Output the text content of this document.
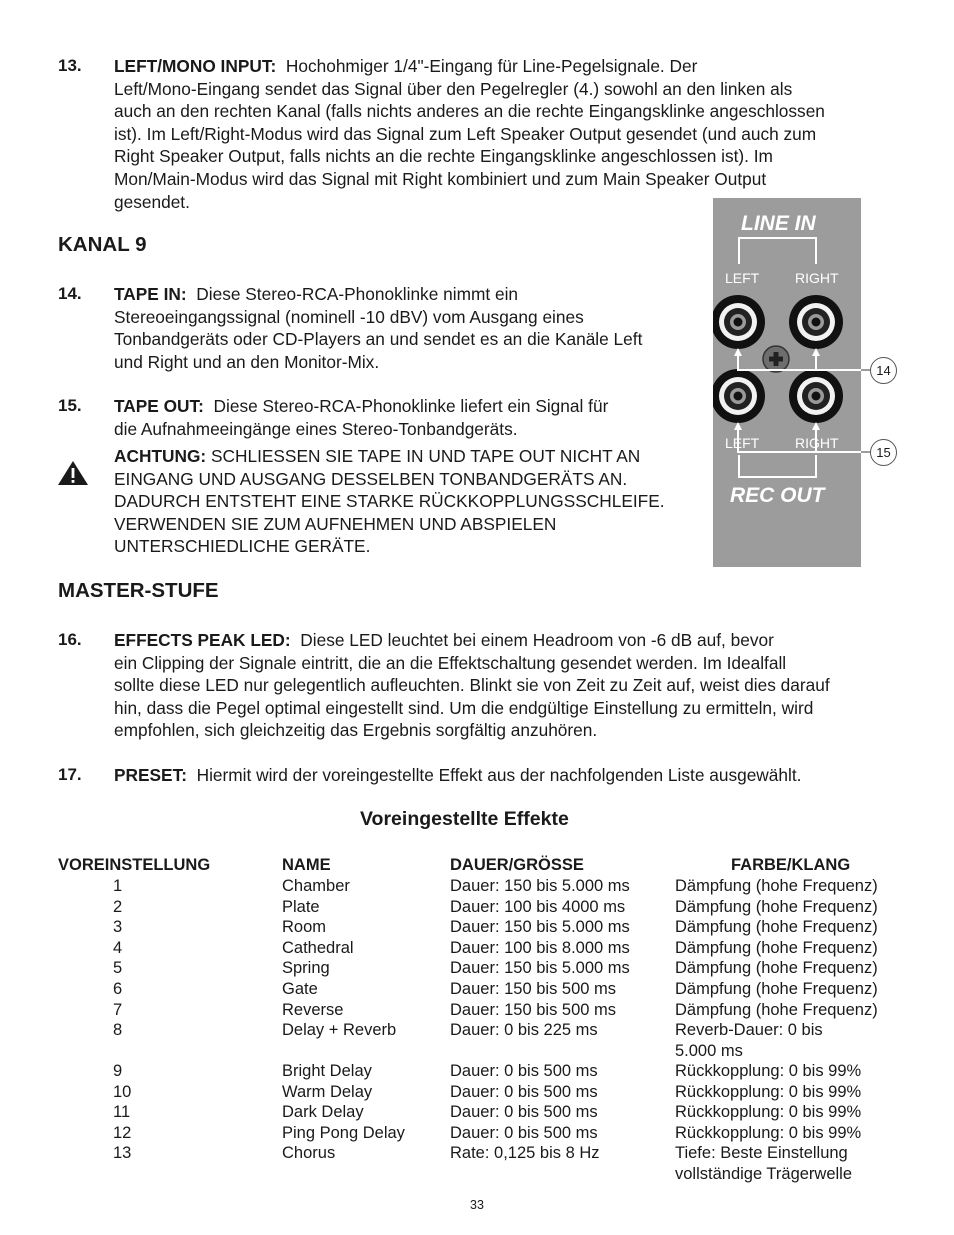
13. LEFT/MONO INPUT: Hochohmiger 1/4"-Eingang für Line-Pegelsignale. Der
Left/Mono-Eingang sendet das Signal über den Pegelregler (4.) sowohl an den linken als
auch an den rechten Kanal (falls nichts anderes an die rechte Eingangsklinke angeschlossen
ist). Im Left/Right-Modus wird das Signal zum Left Speaker Output gesendet (und auch zum
Right Speaker Output, falls nichts an die rechte Eingangsklinke angeschlossen ist). Im
Mon/Main-Modus wird das Signal mit Right kombiniert und zum Main Speaker Output
gesendet.
KANAL 9
14. TAPE IN: Diese Stereo-RCA-Phonoklinke nimmt ein
Stereoeingangssignal (nominell -10 dBV) vom Ausgang eines
Tonbandgeräts oder CD-Players an und sendet es an die Kanäle Left
und Right und an den Monitor-Mix.
15. TAPE OUT: Diese Stereo-RCA-Phonoklinke liefert ein Signal für
die Aufnahmeeingänge eines Stereo-Tonbandgeräts.
ACHTUNG: SCHLIESSEN SIE TAPE IN UND TAPE OUT NICHT AN
EINGANG UND AUSGANG DESSELBEN TONBANDGERÄTS AN.
DADURCH ENTSTEHT EINE STARKE RÜCKKOPPLUNGSSCHLEIFE.
VERWENDEN SIE ZUM AUFNEHMEN UND ABSPIELEN
UNTERSCHIEDLICHE GERÄTE.
LINE IN
LEFT	RIGHT
LEFT	RIGHT
REC OUT
14
15
MASTER-STUFE
16. EFFECTS PEAK LED: Diese LED leuchtet bei einem Headroom von -6 dB auf, bevor
ein Clipping der Signale eintritt, die an die Effektschaltung gesendet werden. Im Idealfall
sollte diese LED nur gelegentlich aufleuchten. Blinkt sie von Zeit zu Zeit auf, weist dies darauf
hin, dass die Pegel optimal eingestellt sind. Um die endgültige Einstellung zu ermitteln, wird
empfohlen, sich gleichzeitig das Ergebnis sorgfältig anzuhören.
17. PRESET: Hiermit wird der voreingestellte Effekt aus der nachfolgenden Liste ausgewählt.
Voreingestellte Effekte
VOREINSTELLUNG	NAME	DAUER/GRÖSSE	FARBE/KLANG
1	Chamber	Dauer: 150 bis 5.000 ms	Dämpfung (hohe Frequenz)
2	Plate	Dauer: 100 bis 4000 ms	Dämpfung (hohe Frequenz)
3	Room	Dauer: 150 bis 5.000 ms	Dämpfung (hohe Frequenz)
4	Cathedral	Dauer: 100 bis 8.000 ms	Dämpfung (hohe Frequenz)
5	Spring	Dauer: 150 bis 5.000 ms	Dämpfung (hohe Frequenz)
6	Gate	Dauer: 150 bis 500 ms	Dämpfung (hohe Frequenz)
7	Reverse	Dauer: 150 bis 500 ms	Dämpfung (hohe Frequenz)
8	Delay + Reverb	Dauer: 0 bis 225 ms	Reverb-Dauer: 0 bis
5.000 ms
9	Bright Delay	Dauer: 0 bis 500 ms	Rückkopplung: 0 bis 99%
10	Warm Delay	Dauer: 0 bis 500 ms	Rückkopplung: 0 bis 99%
11	Dark Delay	Dauer: 0 bis 500 ms	Rückkopplung: 0 bis 99%
12	Ping Pong Delay	Dauer: 0 bis 500 ms	Rückkopplung: 0 bis 99%
13	Chorus	Rate: 0,125 bis 8 Hz	Tiefe: Beste Einstellung
vollständige Trägerwelle
33
